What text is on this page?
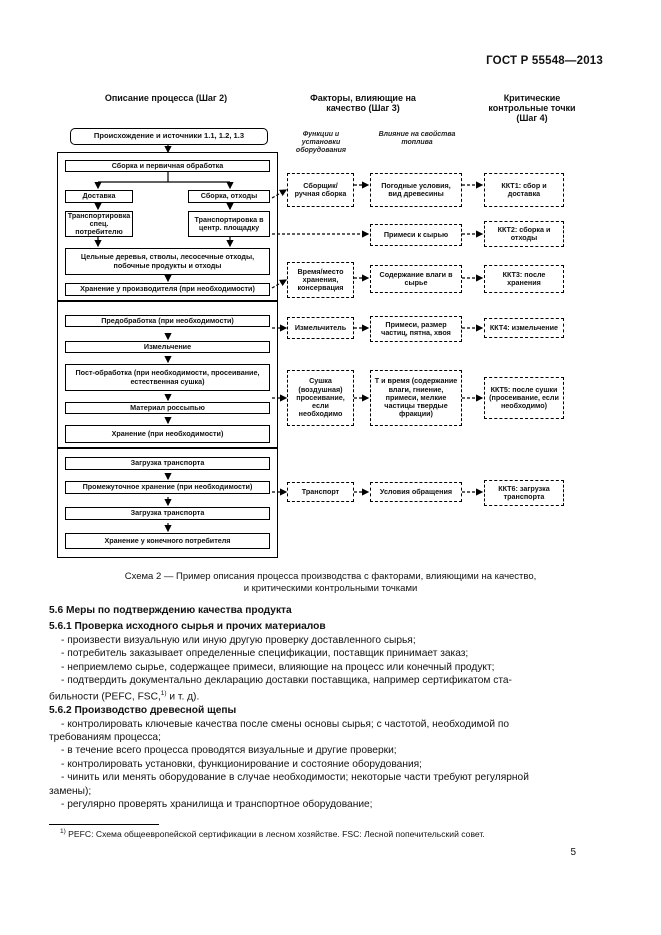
ГОСТ Р 55548—2013
Описание процесса (Шаг 2)	Факторы, влияющие на качество (Шаг 3)
Критические контрольные точки (Шаг 4)
Функции и установки оборудования
Влияние на свойства топлива
Происхождение и источники 1.1, 1.2, 1.3
Сборка и первичная обработка
Доставка	Сборка, отходы
Транспортировка спец. потребителю
Транспортировка в центр. площадку
Цельные деревья, стволы, лесосечные отходы, побочные продукты и отходы
Хранение у производителя (при необходимости)
Предобработка (при необходимости)
Измельчение
Пост-обработка (при необходимости, просеивание, естественная сушка)
Материал россыпью
Хранение (при необходимости)
Загрузка транспорта
Промежуточное хранение (при необходимости)
Загрузка транспорта
Хранение у конечного потребителя
Сборщик/ ручная сборка
Время/место хранения, консервация
Измельчитель
Сушка (воздушная) просеивание, если необходимо
Транспорт
Погодные условия, вид древесины
Примеси к сырью
Содержание влаги в сырье
Примеси, размер частиц, пятна, хвоя
T и время (содержание влаги, гниение, примеси, мелкие частицы твердые фракции)
Условия обращения
ККТ1: сбор и доставка
ККТ2: сборка и отходы
ККТ3: после хранения
ККТ4: измельчение
ККТ5: после сушки (просеивание, если необходимо)
ККТ6: загрузка транспорта
Схема 2 — Пример описания процесса производства с факторами, влияющими на качество,
и критическими контрольными точками

5.6 Меры по подтверждению качества продукта

5.6.1 Проверка исходного сырья и прочих материалов

- произвести визуальную или иную другую проверку доставленного сырья;

- потребитель заказывает определенные спецификации, поставщик принимает заказ;

- неприемлемо сырье, содержащее примеси, влияющие на процесс или конечный продукт;

- подтвердить документально декларацию доставки поставщика, например сертификатом ста-

бильности (PEFC, FSC,$^{1)}$ и т. д).

5.6.2 Производство древесной щепы

- контролировать ключевые качества после смены основы сырья; с частотой, необходимой по

требованиям процесса;

- в течение всего процесса проводятся визуальные и другие проверки;

- контролировать установки, функционирование и состояние оборудования;

- чинить или менять оборудование в случае необходимости; некоторые части требуют регулярной

замены);

- регулярно проверять хранилища и транспортное оборудование;

$^{1)}$ PEFC: Схема общеевропейской сертификации в лесном хозяйстве. FSC: Лесной попечительский совет.
5
